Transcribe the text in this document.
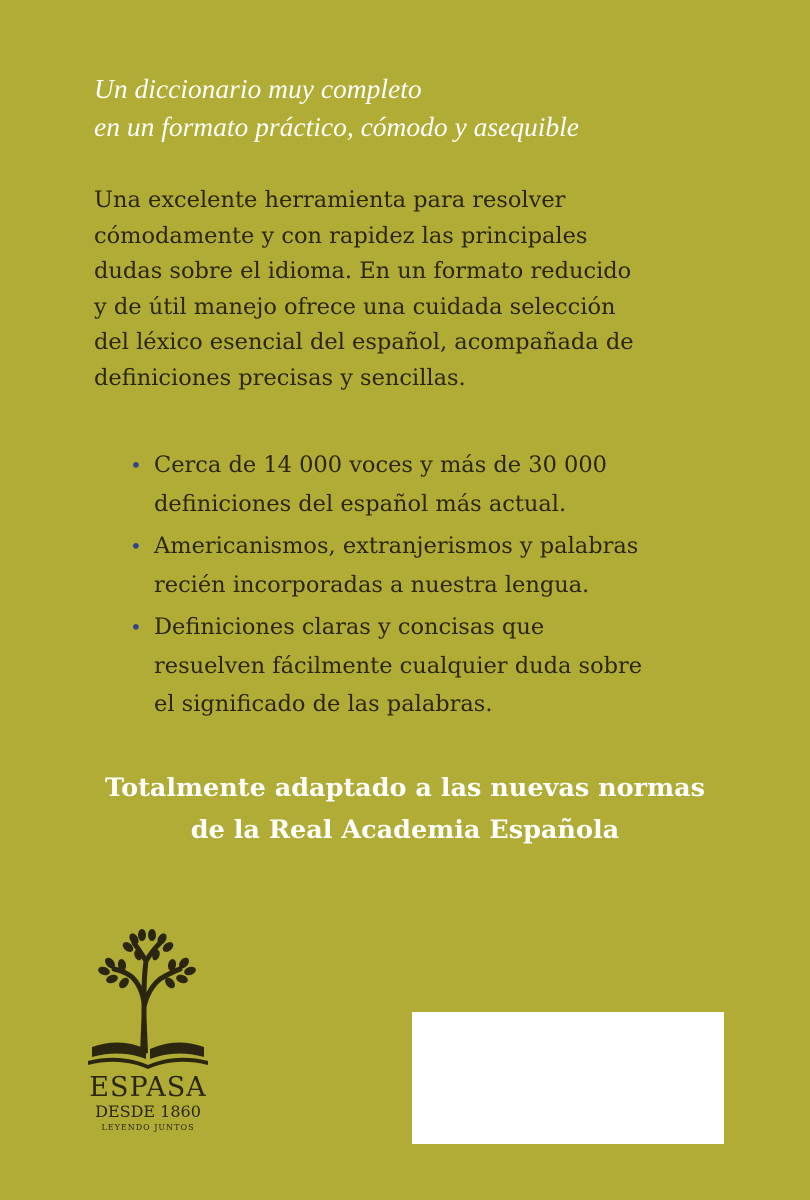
Un diccionario muy completo
en un formato práctico, cómodo y asequible
Una excelente herramienta para resolver
cómodamente y con rapidez las principales
dudas sobre el idioma. En un formato reducido
y de útil manejo ofrece una cuidada selección
del léxico esencial del español, acompañada de
definiciones precisas y sencillas.
• Cerca de 14 000 voces y más de 30 000
definiciones del español más actual.
• Americanismos, extranjerismos y palabras
recién incorporadas a nuestra lengua.
• Definiciones claras y concisas que
resuelven fácilmente cualquier duda sobre
el significado de las palabras.
Totalmente adaptado a las nuevas normas
de la Real Academia Española
ESPASA
DESDE 1860
LEYENDO JUNTOS
